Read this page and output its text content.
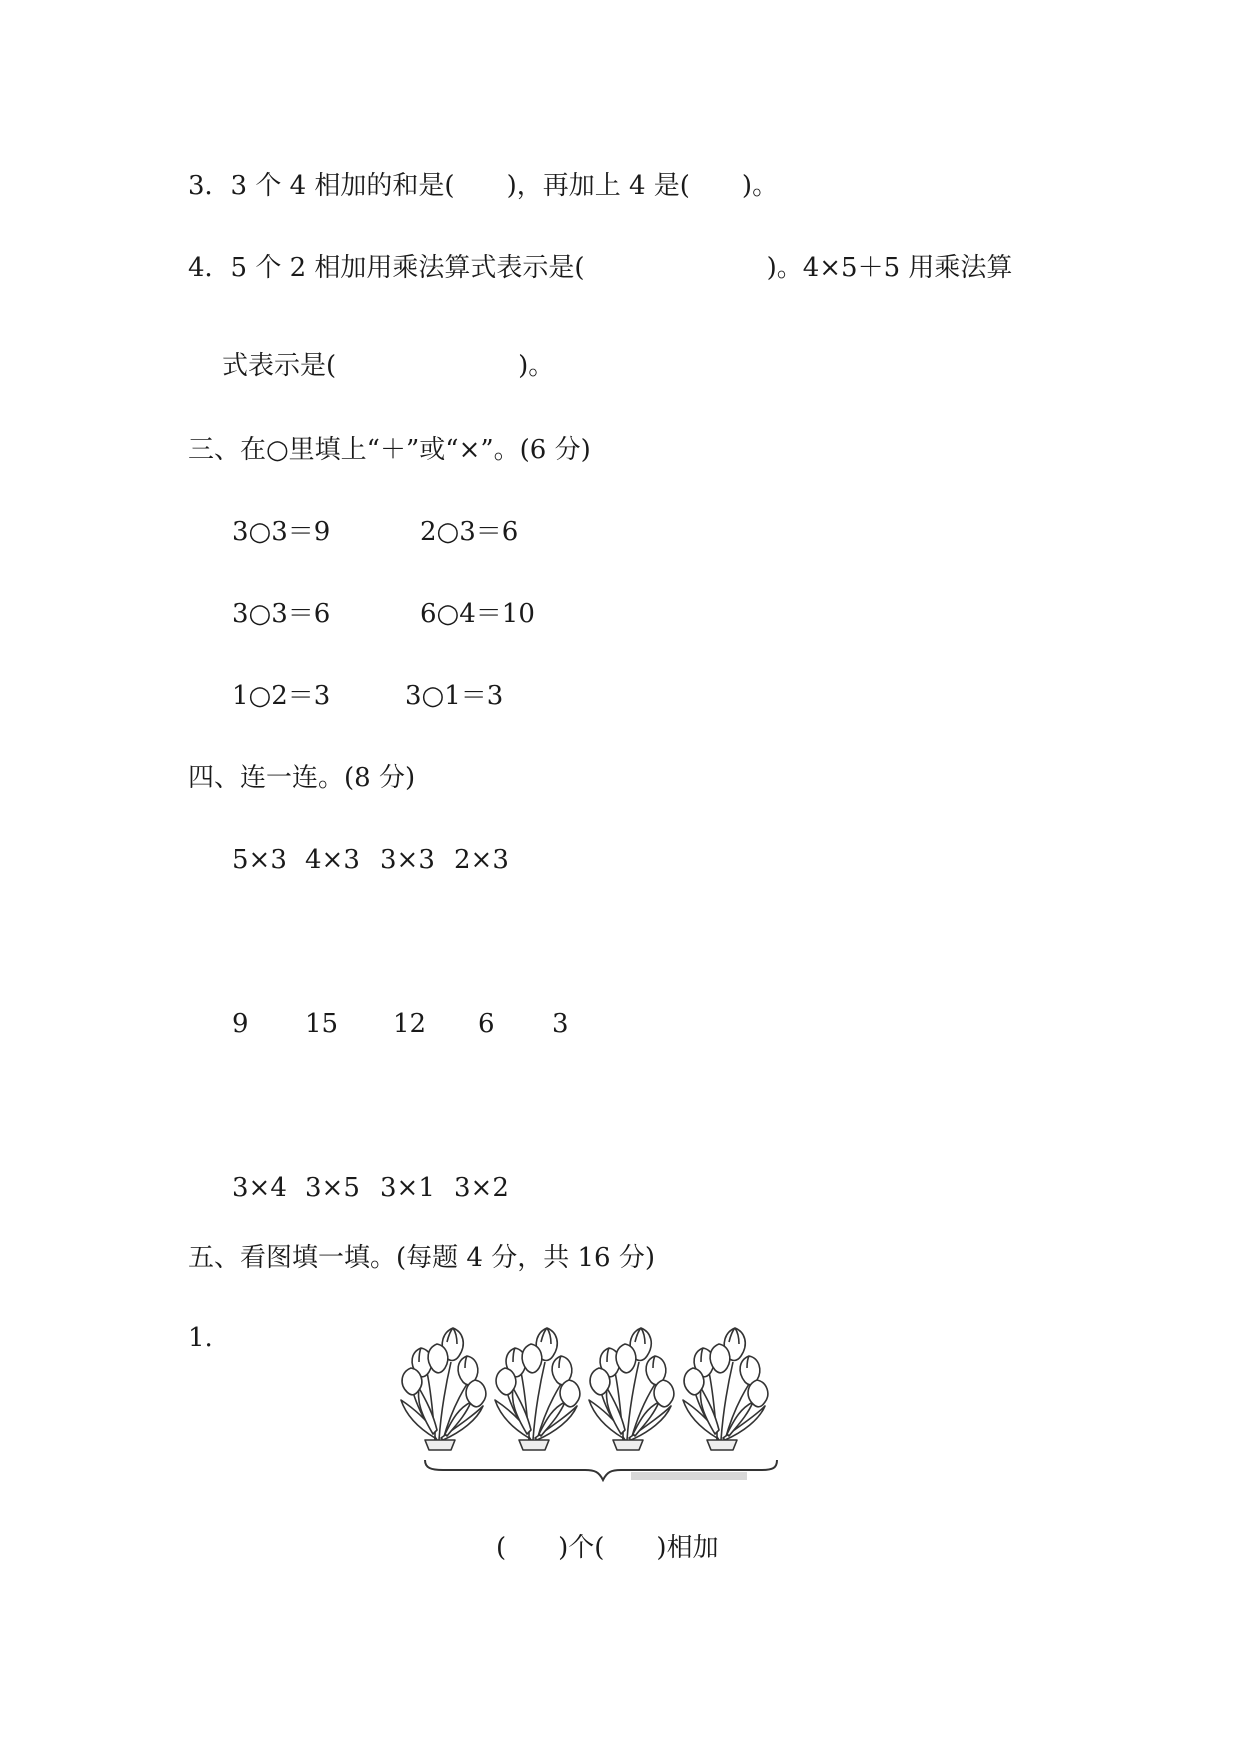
3．3 个 4 相加的和是(　　)，再加上 4 是(　　)。
4．5 个 2 相加用乘法算式表示是(　　　　　　　)。4×5＋5 用乘法算
式表示是(　　　　　　　)。
三、在○里填上“＋”或“×”。(6 分)
3○3＝9	2○3＝6
3○3＝6	6○4＝10
1○2＝3	3○1＝3
四、连一连。(8 分)
5×3 4×3 3×3 2×3
9 15 12 6 3
3×4 3×5 3×1 3×2
五、看图填一填。(每题 4 分，共 16 分)
1.
(　　)个(　　)相加
